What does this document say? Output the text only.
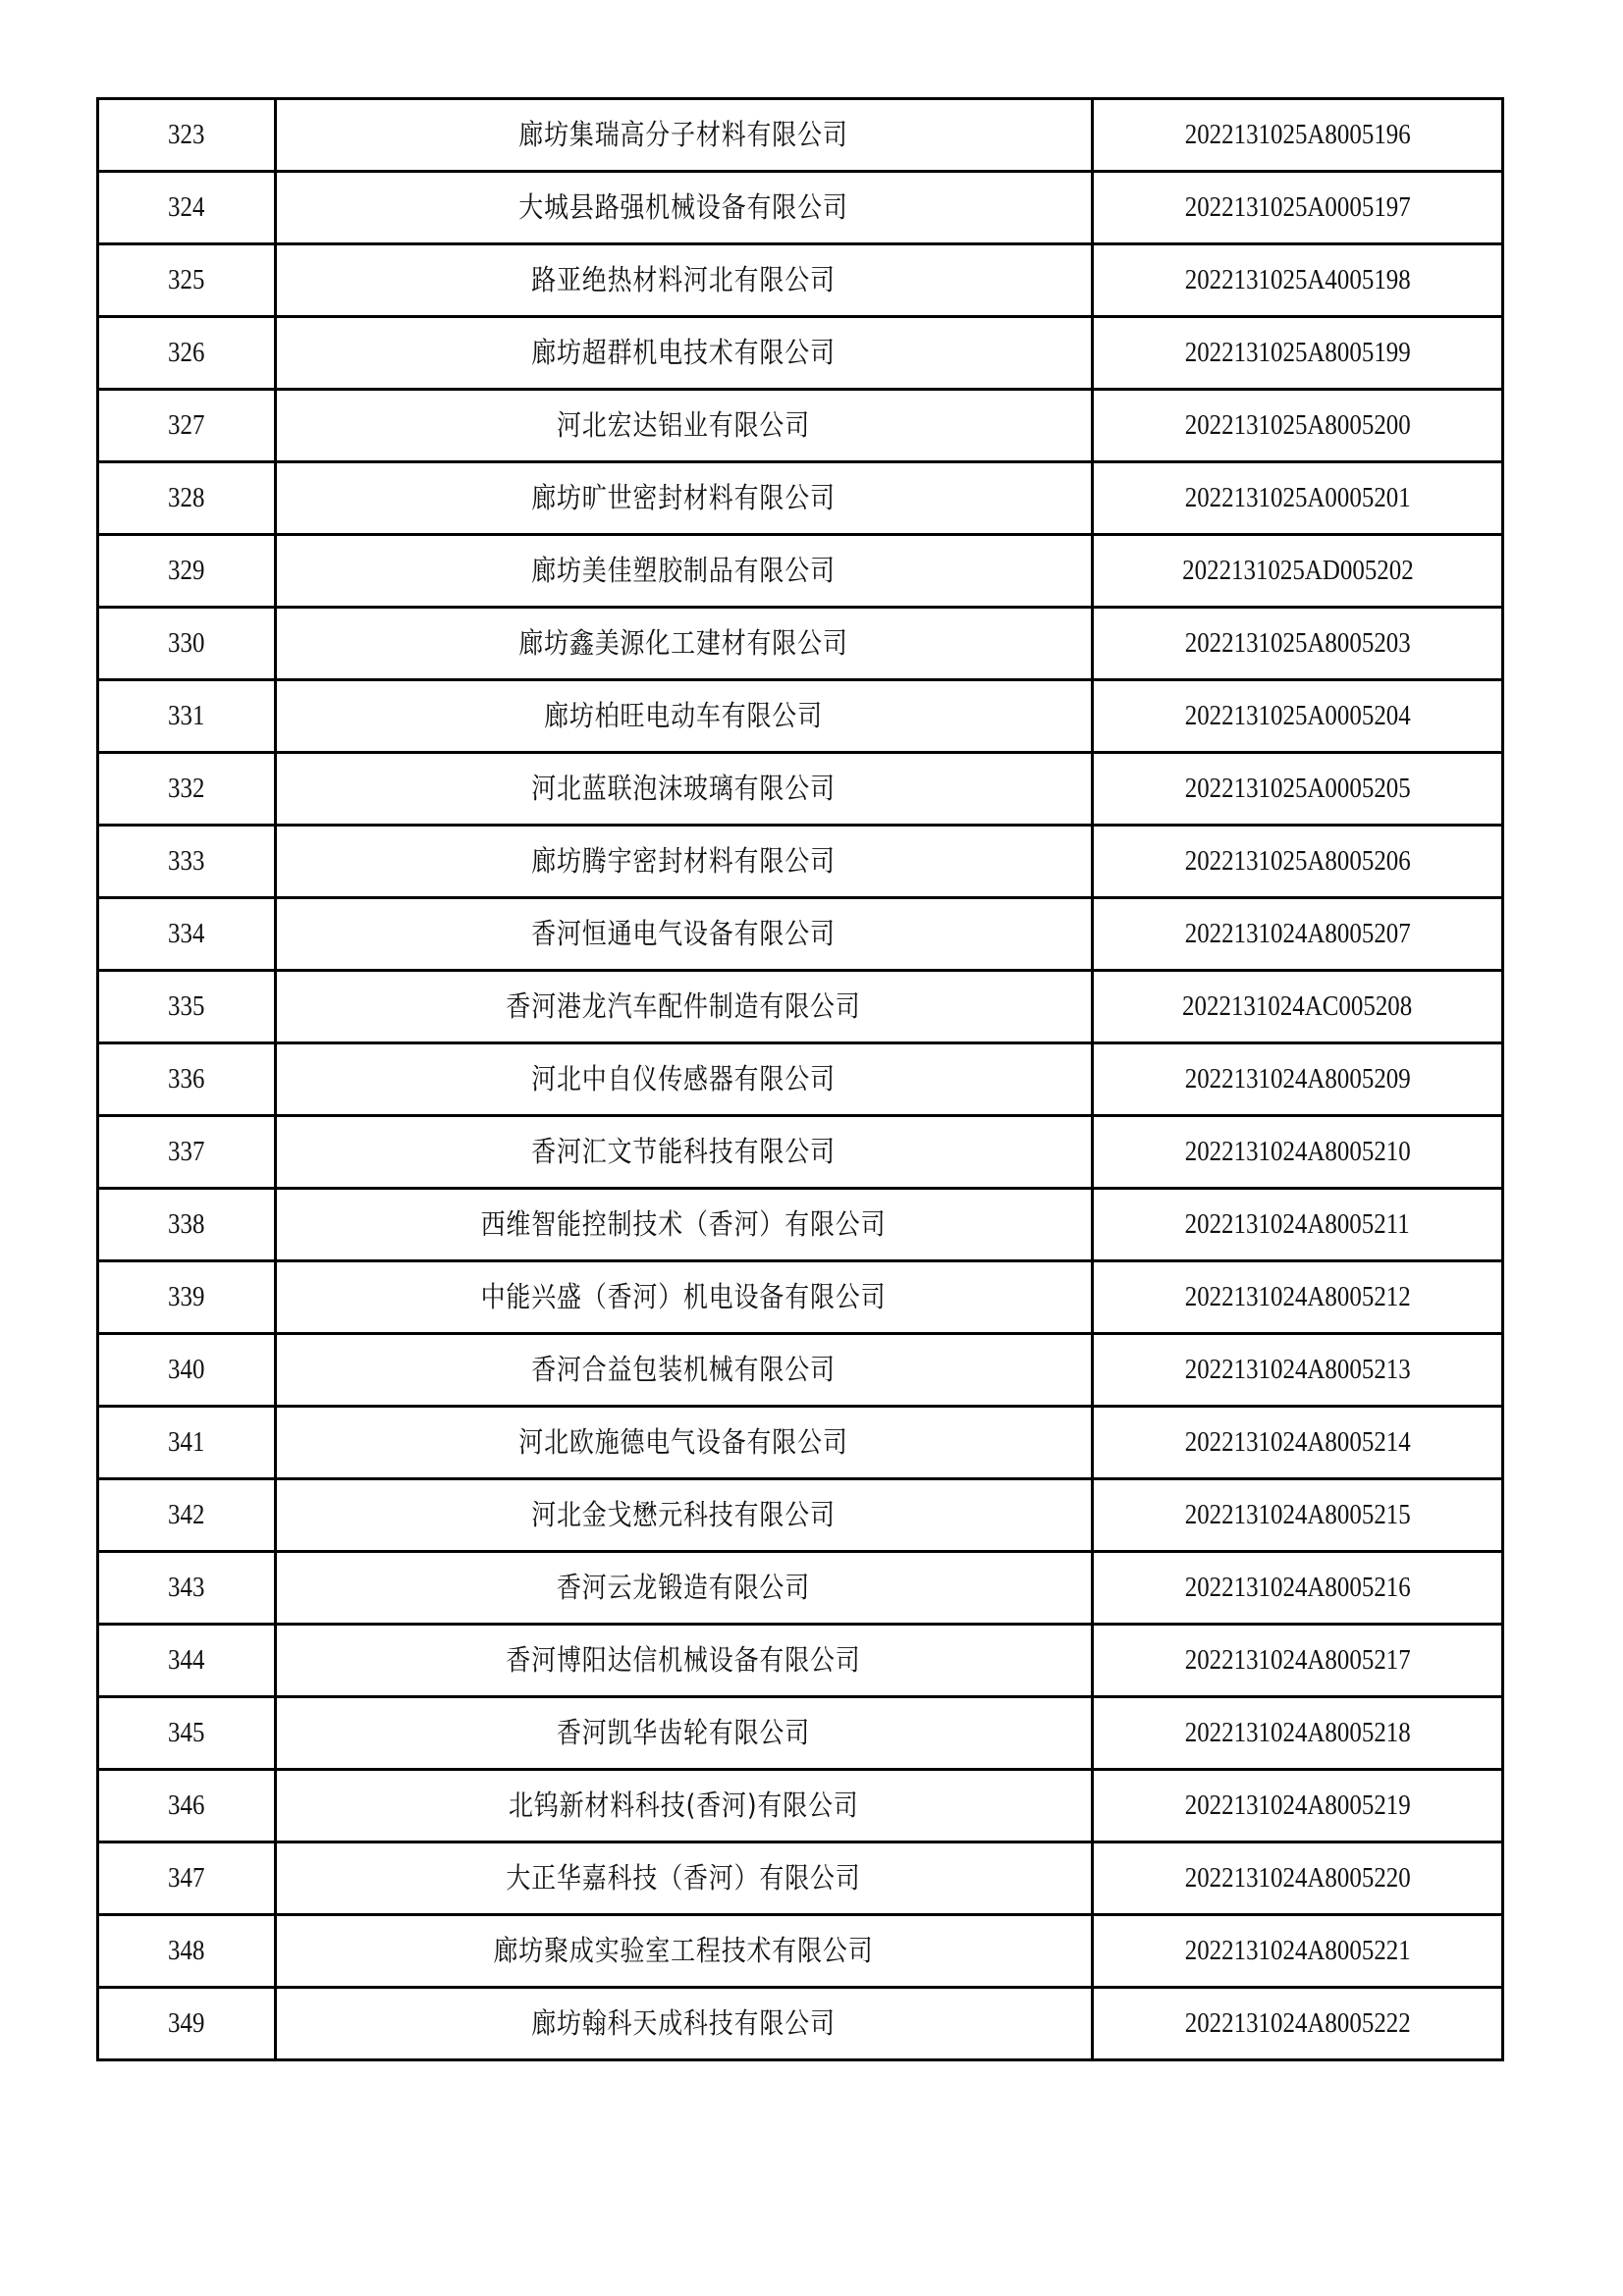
323	廊坊集瑞高分子材料有限公司	2022131025A8005196
324	大城县路强机械设备有限公司	2022131025A0005197
325	路亚绝热材料河北有限公司	2022131025A4005198
326	廊坊超群机电技术有限公司	2022131025A8005199
327	河北宏达铝业有限公司	2022131025A8005200
328	廊坊旷世密封材料有限公司	2022131025A0005201
329	廊坊美佳塑胶制品有限公司	2022131025AD005202
330	廊坊鑫美源化工建材有限公司	2022131025A8005203
331	廊坊柏旺电动车有限公司	2022131025A0005204
332	河北蓝联泡沫玻璃有限公司	2022131025A0005205
333	廊坊腾宇密封材料有限公司	2022131025A8005206
334	香河恒通电气设备有限公司	2022131024A8005207
335	香河港龙汽车配件制造有限公司	2022131024AC005208
336	河北中自仪传感器有限公司	2022131024A8005209
337	香河汇文节能科技有限公司	2022131024A8005210
338	西维智能控制技术（香河）有限公司	2022131024A8005211
339	中能兴盛（香河）机电设备有限公司	2022131024A8005212
340	香河合益包装机械有限公司	2022131024A8005213
341	河北欧施德电气设备有限公司	2022131024A8005214
342	河北金戈懋元科技有限公司	2022131024A8005215
343	香河云龙锻造有限公司	2022131024A8005216
344	香河博阳达信机械设备有限公司	2022131024A8005217
345	香河凯华齿轮有限公司	2022131024A8005218
346	北钨新材料科技(香河)有限公司	2022131024A8005219
347	大正华嘉科技（香河）有限公司	2022131024A8005220
348	廊坊聚成实验室工程技术有限公司	2022131024A8005221
349	廊坊翰科天成科技有限公司	2022131024A8005222
